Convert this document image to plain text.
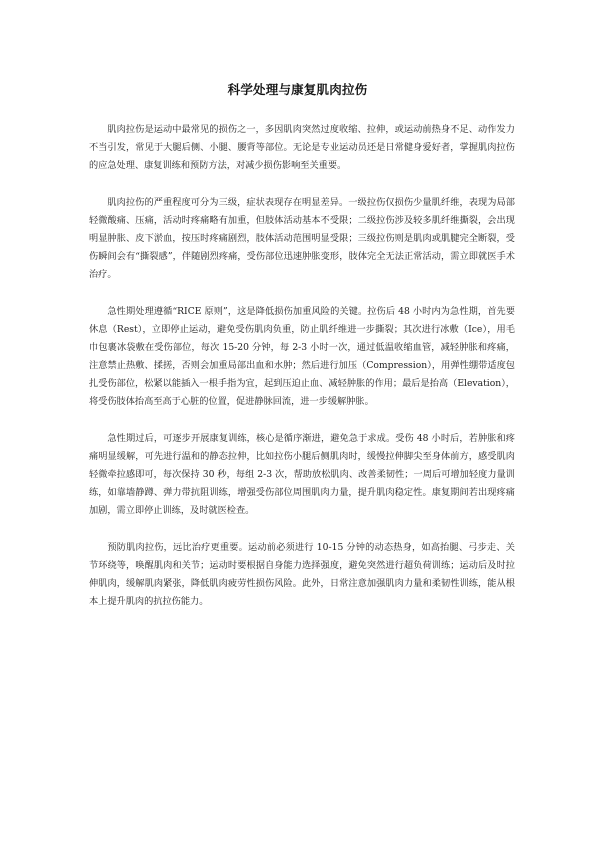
科学处理与康复肌肉拉伤

肌肉拉伤是运动中最常见的损伤之一，多因肌肉突然过度收缩、拉伸，或运动前热身不足、动作发力不当引发，常见于大腿后侧、小腿、腰背等部位。无论是专业运动员还是日常健身爱好者，掌握肌肉拉伤的应急处理、康复训练和预防方法，对减少损伤影响至关重要。

肌肉拉伤的严重程度可分为三级，症状表现存在明显差异。一级拉伤仅损伤少量肌纤维，表现为局部轻微酸痛、压痛，活动时疼痛略有加重，但肢体活动基本不受限；二级拉伤涉及较多肌纤维撕裂，会出现明显肿胀、皮下淤血，按压时疼痛剧烈，肢体活动范围明显受限；三级拉伤则是肌肉或肌腱完全断裂，受伤瞬间会有“撕裂感”，伴随剧烈疼痛，受伤部位迅速肿胀变形，肢体完全无法正常活动，需立即就医手术治疗。

急性期处理遵循“RICE 原则”，这是降低损伤加重风险的关键。拉伤后 48 小时内为急性期，首先要休息（Rest），立即停止运动，避免受伤肌肉负重，防止肌纤维进一步撕裂；其次进行冰敷（Ice），用毛巾包裹冰袋敷在受伤部位，每次 15-20 分钟，每 2-3 小时一次，通过低温收缩血管，减轻肿胀和疼痛，注意禁止热敷、揉搓，否则会加重局部出血和水肿；然后进行加压（Compression），用弹性绷带适度包扎受伤部位，松紧以能插入一根手指为宜，起到压迫止血、减轻肿胀的作用；最后是抬高（Elevation），将受伤肢体抬高至高于心脏的位置，促进静脉回流，进一步缓解肿胀。

急性期过后，可逐步开展康复训练，核心是循序渐进，避免急于求成。受伤 48 小时后，若肿胀和疼痛明显缓解，可先进行温和的静态拉伸，比如拉伤小腿后侧肌肉时，缓慢拉伸脚尖至身体前方，感受肌肉轻微牵拉感即可，每次保持 30 秒，每组 2-3 次，帮助放松肌肉、改善柔韧性；一周后可增加轻度力量训练，如靠墙静蹲、弹力带抗阻训练，增强受伤部位周围肌肉力量，提升肌肉稳定性。康复期间若出现疼痛加剧，需立即停止训练，及时就医检查。

预防肌肉拉伤，远比治疗更重要。运动前必须进行 10-15 分钟的动态热身，如高抬腿、弓步走、关节环绕等，唤醒肌肉和关节；运动时要根据自身能力选择强度，避免突然进行超负荷训练；运动后及时拉伸肌肉，缓解肌肉紧张，降低肌肉疲劳性损伤风险。此外，日常注意加强肌肉力量和柔韧性训练，能从根本上提升肌肉的抗拉伤能力。
